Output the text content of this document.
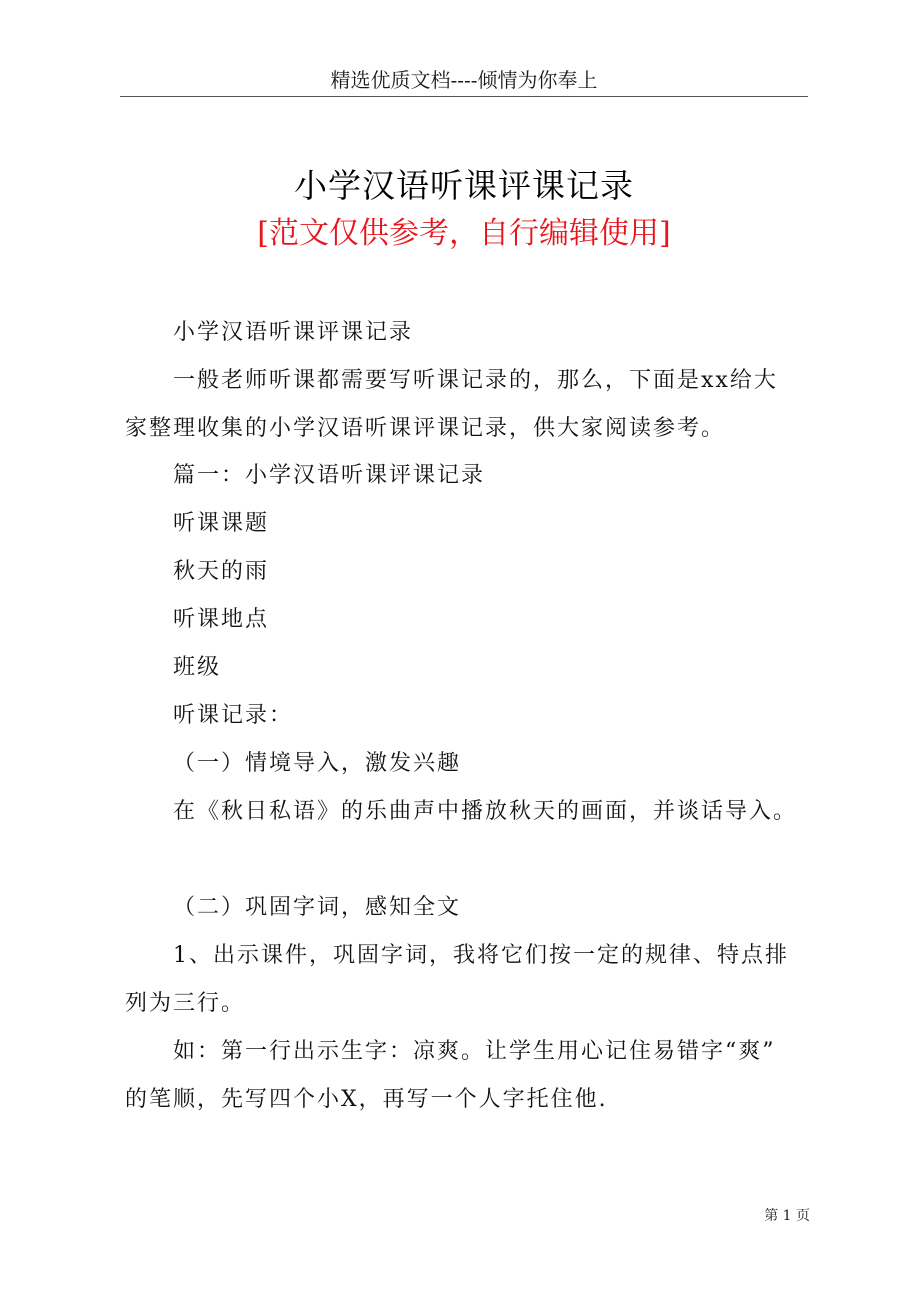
精选优质文档----倾情为你奉上
小学汉语听课评课记录
[范文仅供参考，自行编辑使用]
小学汉语听课评课记录
一般老师听课都需要写听课记录的，那么，下面是xx给大
家整理收集的小学汉语听课评课记录，供大家阅读参考。
篇一：小学汉语听课评课记录
听课课题
秋天的雨
听课地点
班级
听课记录：
（一）情境导入，激发兴趣
在《秋日私语》的乐曲声中播放秋天的画面，并谈话导入。
（二）巩固字词，感知全文
1、出示课件，巩固字词，我将它们按一定的规律、特点排
列为三行。
如：第一行出示生字：凉爽。让学生用心记住易错字“爽”
的笔顺，先写四个小X，再写一个人字托住他.
第 1 页
